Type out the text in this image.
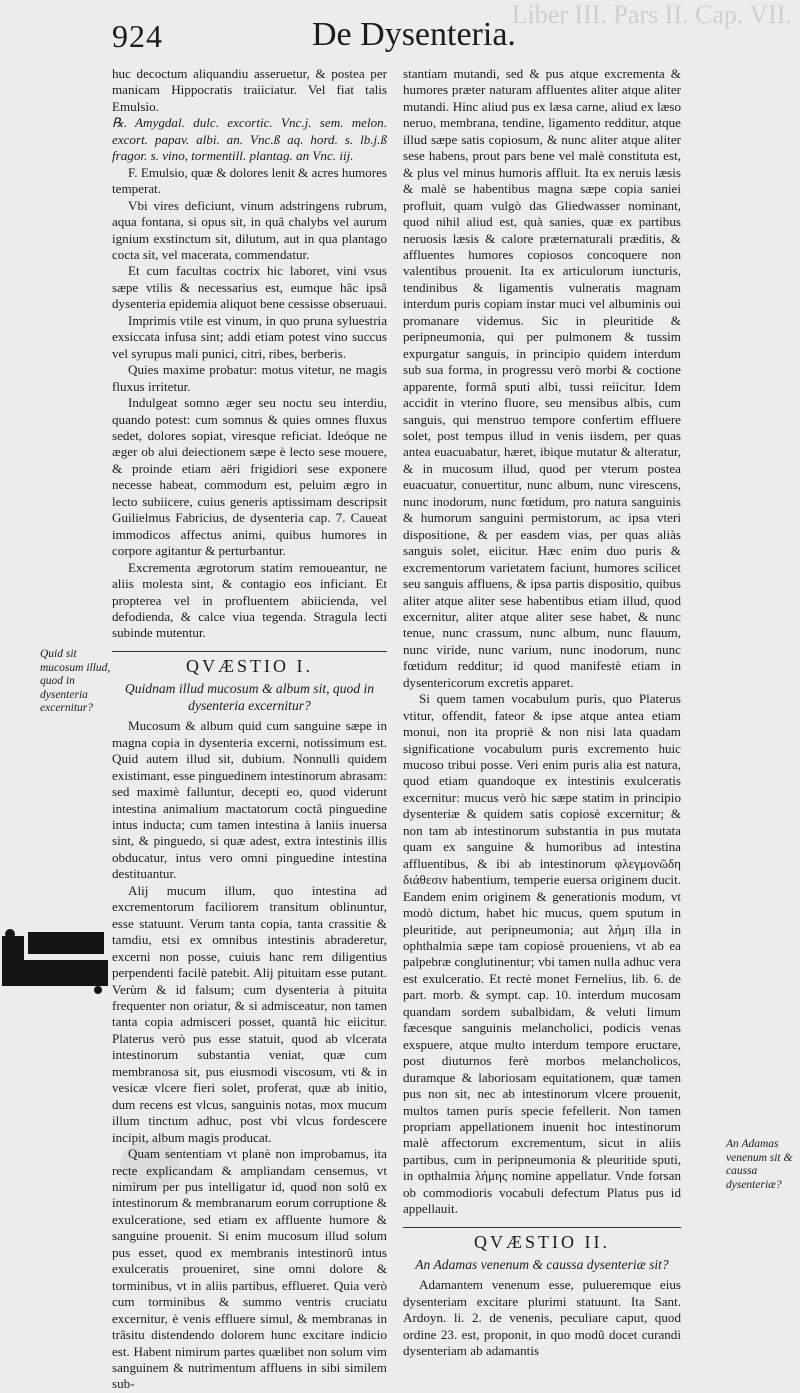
Liber III. Pars II. Cap. VII.
924	De Dysenteria.
Quid sit mucosum illud, quod in dysenteria excernitur?

huc decoctum aliquandiu asseruetur, & postea per manicam Hippocratis traiiciatur. Vel fiat talis Emulsio.

℞. Amygdal. dulc. excortic. Vnc.j. sem. melon. excort. papav. albi. an. Vnc.ß aq. hord. s. lb.j.ß fragor. s. vino, tormentill. plantag. an Vnc. iij.

F. Emulsio, quæ & dolores lenit & acres humores temperat.

Vbi vires deficiunt, vinum adstringens rubrum, aqua fontana, si opus sit, in quâ chalybs vel aurum ignium exstinctum sit, dilutum, aut in qua plantago cocta sit, vel macerata, commendatur.

Et cum facultas coctrix hic laboret, vini vsus sæpe vtilis & necessarius est, eumque hâc ipsâ dysenteria epidemia aliquot bene cessisse obseruaui.

Imprimis vtile est vinum, in quo pruna syluestria exsiccata infusa sint; addi etiam potest vino succus vel syrupus mali punici, citri, ribes, berberis.

Quies maxime probatur: motus vitetur, ne magis fluxus irritetur.

Indulgeat somno æger seu noctu seu interdiu, quando potest: cum somnus & quies omnes fluxus sedet, dolores sopiat, viresque reficiat. Ideóque ne æger ob alui deiectionem sæpe è lecto sese mouere, & proinde etiam aëri frigidiori sese exponere necesse habeat, commodum est, peluim ægro in lecto subiicere, cuius generis aptissimam descripsit Guilielmus Fabricius, de dysenteria cap. 7. Caueat immodicos affectus animi, quibus humores in corpore agitantur & perturbantur.

Excrementa ægrotorum statim remoueantur, ne aliis molesta sint, & contagio eos inficiant. Et propterea vel in profluentem abiicienda, vel defodienda, & calce viua tegenda. Stragula lecti subinde mutentur.

QVÆSTIO I.
Quidnam illud mucosum & album sit, quod in dysenteria excernitur?

Mucosum & album quid cum sanguine sæpe in magna copia in dysenteria excerni, notissimum est. Quid autem illud sit, dubium. Nonnulli quidem existimant, esse pinguedinem intestinorum abrasam: sed maximè falluntur, decepti eo, quod viderunt intestina animalium mactatorum coctâ pinguedine intus inducta; cum tamen intestina à laniis inuersa sint, & pinguedo, si quæ adest, extra intestinis illis obducatur, intus vero omni pinguedine intestina destituantur.

Alij mucum illum, quo intestina ad excrementorum faciliorem transitum oblinuntur, esse statuunt. Verum tanta copia, tanta crassitie & tamdiu, etsi ex omnibus intestinis abraderetur, excerni non posse, cuiuis hanc rem diligentius perpendenti facilè patebit. Alij pituitam esse putant. Verùm & id falsum; cum dysenteria à pituita frequenter non oriatur, & si admisceatur, non tamen tanta copia admisceri posset, quantâ hic eiicitur. Platerus verò pus esse statuit, quod ab vlcerata intestinorum substantia veniat, quæ cum membranosa sit, pus eiusmodi viscosum, vti & in vesicæ vlcere fieri solet, proferat, quæ ab initio, dum recens est vlcus, sanguinis notas, mox mucum illum tinctum adhuc, post vbi vlcus fordescere incipit, album magis producat.

Quam sententiam vt planè non improbamus, ita recte explicandam & ampliandam censemus, vt nimirum per pus intelligatur id, quod non solû ex intestinorum & membranarum eorum corruptione & exulceratione, sed etiam ex affluente humore & sanguine prouenit. Si enim mucosum illud solum pus esset, quod ex membranis intestinorû intus exulceratis proueniret, sine omni dolore & torminibus, vt in aliis partibus, efflueret. Quia verò cum torminibus & summo ventris cruciatu excernitur, è venis effluere simul, & membranas in trâsitu distendendo dolorem hunc excitare indicio est. Habent nimirum partes quælibet non solum vim sanguinem & nutrimentum affluens in sibi similem sub-

stantiam mutandi, sed & pus atque excrementa & humores præter naturam affluentes aliter atque aliter mutandi. Hinc aliud pus ex læsa carne, aliud ex læso neruo, membrana, tendine, ligamento redditur, atque illud sæpe satis copiosum, & nunc aliter atque aliter sese habens, prout pars bene vel malè constituta est, & plus vel minus humoris affluit. Ita ex neruis læsis & malè se habentibus magna sæpe copia saniei profluit, quam vulgò das Gliedwasser nominant, quod nihil aliud est, quà sanies, quæ ex partibus neruosis læsis & calore præternaturali præditis, & affluentes humores copiosos concoquere non valentibus prouenit. Ita ex articulorum iuncturis, tendinibus & ligamentis vulneratis magnam interdum puris copiam instar muci vel albuminis oui promanare videmus. Sic in pleuritide & peripneumonia, qui per pulmonem & tussim expurgatur sanguis, in principio quidem interdum sub sua forma, in progressu verò morbi & coctione apparente, formâ sputi albi, tussi reiicitur. Idem accidit in vterino fluore, seu mensibus albis, cum sanguis, qui menstruo tempore confertim effluere solet, post tempus illud in venis iisdem, per quas antea euacuabatur, hæret, ibique mutatur & alteratur, & in mucosum illud, quod per vterum postea euacuatur, conuertitur, nunc album, nunc virescens, nunc inodorum, nunc fœtidum, pro natura sanguinis & humorum sanguini permistorum, ac ipsa vteri dispositione, & per easdem vias, per quas aliàs sanguis solet, eiicitur. Hæc enim duo puris & excrementorum varietatem faciunt, humores scilicet seu sanguis affluens, & ipsa partis dispositio, quibus aliter atque aliter sese habentibus etiam illud, quod excernitur, aliter atque aliter sese habet, & nunc tenue, nunc crassum, nunc album, nunc flauum, nunc viride, nunc varium, nunc inodorum, nunc fœtidum redditur; id quod manifestè etiam in dysentericorum excretis apparet.

Si quem tamen vocabulum puris, quo Platerus vtitur, offendit, fateor & ipse atque antea etiam monui, non ita propriè & non nisi lata quadam significatione vocabulum puris excremento huic mucoso tribui posse. Veri enim puris alia est natura, quod etiam quandoque ex intestinis exulceratis excernitur: mucus verò hic sæpe statim in principio dysenteriæ & quidem satis copiosè excernitur; & non tam ab intestinorum substantia in pus mutata quam ex sanguine & humoribus ad intestina affluentibus, & ibi ab intestinorum φλεγμονῶδη διάθεσιν habentium, temperie euersa originem ducit. Eandem enim originem & generationis modum, vt modò dictum, habet hic mucus, quem sputum in pleuritide, aut peripneumonia; aut λήμη illa in ophthalmia sæpe tam copiosè proueniens, vt ab ea palpebræ conglutinentur; vbi tamen nulla adhuc vera est exulceratio. Et rectè monet Fernelius, lib. 6. de part. morb. & sympt. cap. 10. interdum mucosam quandam sordem subalbidam, & veluti limum fæcesque sanguinis melancholici, podicis venas exspuere, atque multo interdum tempore eructare, post diuturnos ferè morbos melancholicos, duramque & laboriosam equitationem, quæ tamen pus non sit, nec ab intestinorum vlcere prouenit, multos tamen puris specie fefellerit. Non tamen propriam appellationem inuenit hoc intestinorum malè affectorum excrementum, sicut in aliis partibus, cum in peripneumonia & pleuritide sputi, in opthalmia λήμης nomine appellatur. Vnde forsan ob commodioris vocabuli defectum Platus pus id appellauit.

QVÆSTIO II.
An Adamas venenum & caussa dysenteriæ sit?

Adamantem venenum esse, pulueremque eius dysenteriam excitare plurimi statuunt. Ita Sant. Ardoyn. li. 2. de venenis, peculiare caput, quod ordine 23. est, proponit, in quo modû docet curandi dysenteriam ab adamantis

An Adamas venenum sit & caussa dysenteriæ?
